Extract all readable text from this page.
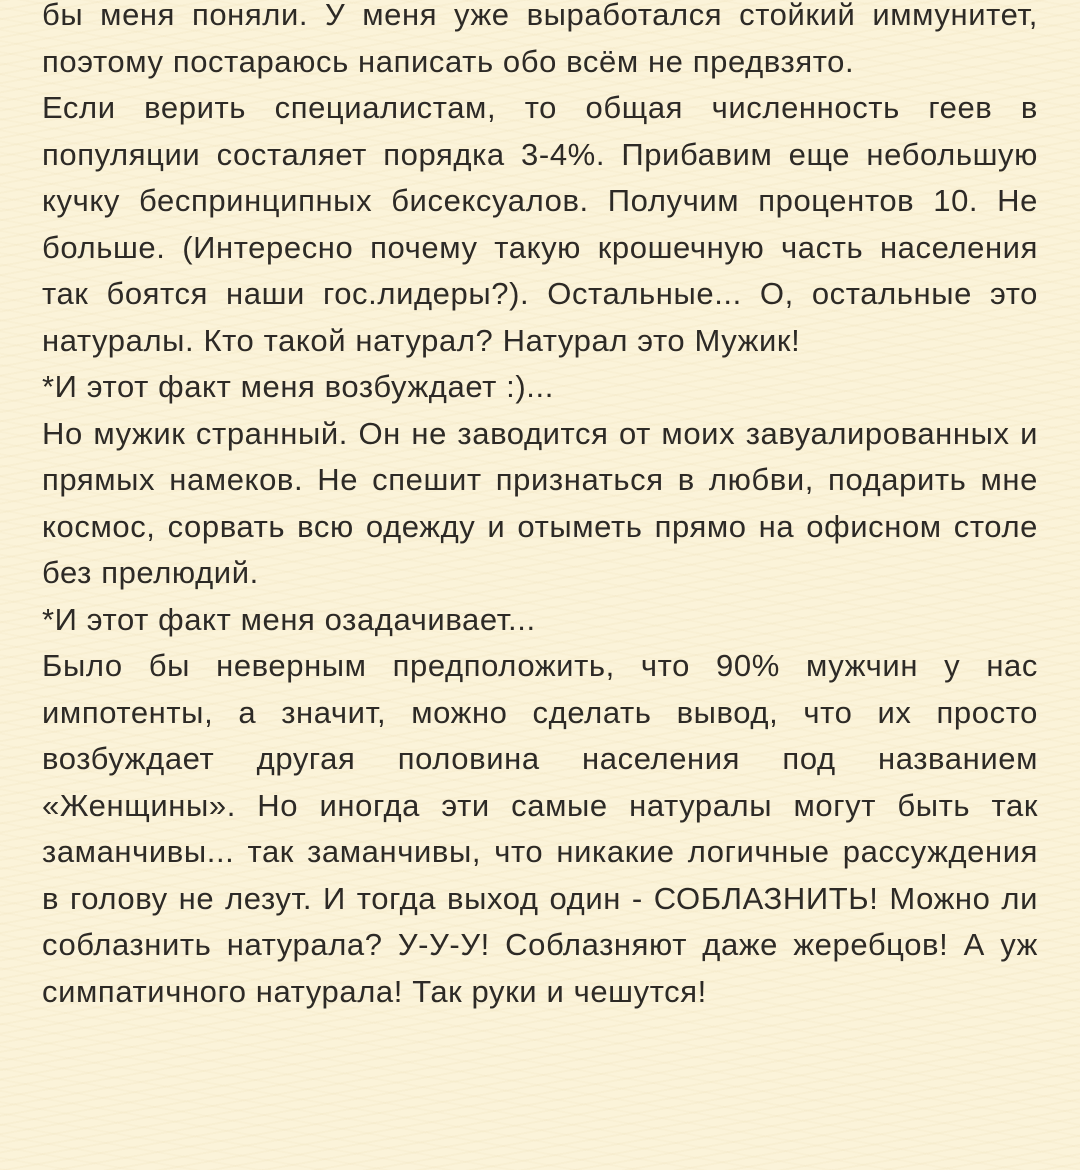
бы меня поняли. У меня уже выработался стойкий иммунитет, поэтому постараюсь написать обо всём не предвзято.

Если верить специалистам, то общая численность геев в популяции состаляет порядка 3-4%. Прибавим еще небольшую кучку беспринципных бисексуалов. Получим процентов 10. Не больше. (Интересно почему такую крошечную часть населения так боятся наши гос.лидеры?). Остальные... О, остальные это натуралы. Кто такой натурал? Натурал это Мужик!

*И этот факт меня возбуждает :)...

Но мужик странный. Он не заводится от моих завуалированных и прямых намеков. Не спешит признаться в любви, подарить мне космос, сорвать всю одежду и отыметь прямо на офисном столе без прелюдий.

*И этот факт меня озадачивает...

Было бы неверным предположить, что 90% мужчин у нас импотенты, а значит, можно сделать вывод, что их просто возбуждает другая половина населения под названием «Женщины». Но иногда эти самые натуралы могут быть так заманчивы... так заманчивы, что никакие логичные рассуждения в голову не лезут. И тогда выход один - СОБЛАЗНИТЬ! Можно ли соблазнить натурала? У-У-У! Соблазняют даже жеребцов! А уж симпатичного натурала! Так руки и чешутся!
